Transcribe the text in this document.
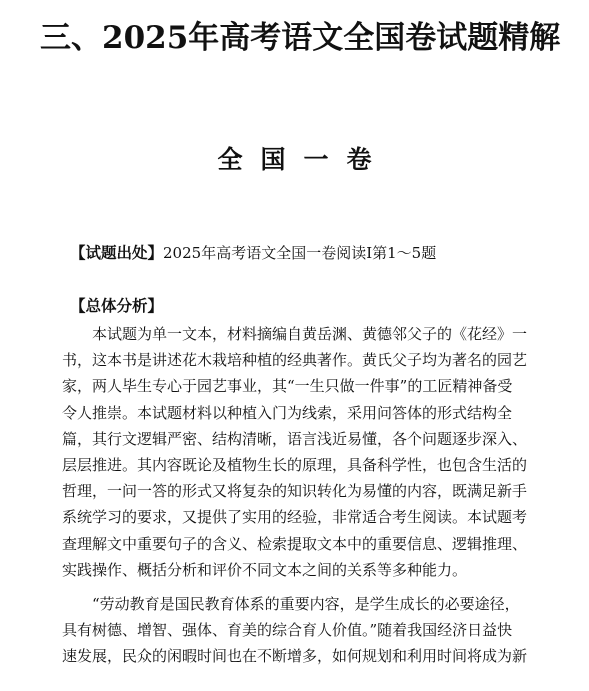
三、2025年高考语文全国卷试题精解
全国一卷
【试题出处】2025年高考语文全国一卷阅读Ⅰ第1～5题
【总体分析】

　　本试题为单一文本，材料摘编自黄岳渊、黄德邻父子的《花经》一
书，这本书是讲述花木栽培种植的经典著作。黄氏父子均为著名的园艺
家，两人毕生专心于园艺事业，其“一生只做一件事”的工匠精神备受
令人推崇。本试题材料以种植入门为线索，采用问答体的形式结构全
篇，其行文逻辑严密、结构清晰，语言浅近易懂，各个问题逐步深入、
层层推进。其内容既论及植物生长的原理，具备科学性，也包含生活的
哲理，一问一答的形式又将复杂的知识转化为易懂的内容，既满足新手
系统学习的要求，又提供了实用的经验，非常适合考生阅读。本试题考
查理解文中重要句子的含义、检索提取文本中的重要信息、逻辑推理、
实践操作、概括分析和评价不同文本之间的关系等多种能力。

　　“劳动教育是国民教育体系的重要内容，是学生成长的必要途径，
具有树德、增智、强体、育美的综合育人价值。”随着我国经济日益快
速发展，民众的闲暇时间也在不断增多，如何规划和利用时间将成为新
